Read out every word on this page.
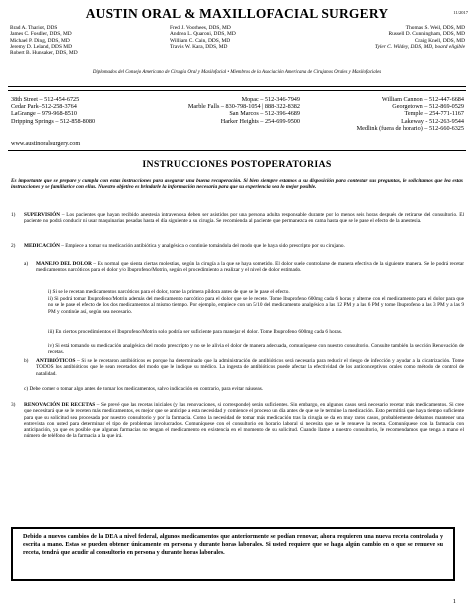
AUSTIN ORAL & MAXILLOFACIAL SURGERY	11/2017
Brad A. Thariot, DDS
James C. Fosdler, DDS, MD
Michael P. Ding, DDS, MD
Jeremy D. Leland, DDS MD
Robert B. Hunsaker, DDS, MD
Fred J. Voorhees, DDS, MD
Andrea L. Quaroni, DDS, MD
William C. Cain, DDS, MD
Travis W. Kara, DDS, MD
Thomas S. Weil, DDS, MD
Russell D. Cunningham, DDS, MD
Craig Knell, DDS, MD
Tyler C. Wildey, DDS, MD, board eligible
Diplomados del Consejo Americano de Cirugía Oral y Maxilofacial • Miembros de la Asociación Americana de Cirujanos Orales y Maxilofaciales
38th Street – 512-454-6725
Cedar Park–512-258-3764
LaGrange – 979-968-8510
Dripping Springs – 512-858-8080
Mopac – 512-346-7949
Marble Falls – 830-798-1054 | 888-322-8382
San Marcos – 512-396-4689
Harker Heights – 254-699-9500
William Cannon – 512-447-6684
Georgetown – 512-869-0529
Temple – 254-771-1167
Lakeway - 512-263-9544
Medlink (fuera de horario) – 512-660-6325
www.austinoralsurgery.com
INSTRUCCIONES POSTOPERATORIAS
Es importante que se prepare y cumpla con estas instrucciones para asegurar una buena recuperación. Si bien siempre estamos a su disposición para contestar sus preguntas, le solicitamos que lea estas instrucciones y se familiarice con ellas. Nuestro objetivo es brindarle la información necesaria para que su experiencia sea lo mejor posible.
1) SUPERVISIÓN – Los pacientes que hayan recibido anestesia intravenosa deben ser asistidos por una persona adulta responsable durante por lo menos seis horas después de retirarse del consultorio. El paciente no podrá conducir ni usar maquinarias pesadas hasta el día siguiente a su cirugía. Se recomienda al paciente que permanezca en cama hasta que se le pase el efecto de la anestesia.
2) MEDICACIÓN – Empiece a tomar su medicación antibiótica y analgésica o continúe tomándola del modo que le haya sido prescripto por su cirujano.
a) MANEJO DEL DOLOR – Es normal que sienta ciertas molestias, según la cirugía a la que se haya sometido. El dolor suele controlarse de manera efectiva de la siguiente manera. Se le podrá recetar medicamentos narcóticos para el dolor y/o Ibuprofeno/Motrin, según el procedimiento a realizar y el nivel de dolor estimado.
i) Si se le recetan medicamentos narcóticos para el dolor, tome la primera píldora antes de que se le pase el efecto.
ii) Si podrá tomar Ibuprofeno/Motrin además del medicamento narcótico para el dolor que se le recete. Tome Ibuprofeno 600mg cada 6 horas y alterne con el medicamento para el dolor para que no se le pase el efecto de los dos medicamentos al mismo tiempo. Por ejemplo, empiece con un 5/10 del medicamento analgésico a las 12 PM y a las 6 PM y tome Ibuprofeno a las 3 PM y a las 9 PM y continúe así, según sea necesario.
iii) En ciertos procedimientos el Ibuprofeno/Motrin solo podría ser suficiente para manejar el dolor. Tome Ibuprofeno 600mg cada 6 horas.
iv) Si está tomando su medicación analgésica del modo prescripto y no se le alivia el dolor de manera adecuada, comuníquese con nuestro consultorio. Consulte también la sección Renovación de recetas.
b) ANTIBIÓTICOS – Si se le recetaron antibióticos es porque ha determinado que la administración de antibióticos será necesaria para reducir el riesgo de infección y ayudar a la cicatrización. Tome TODOS los antibióticos que le sean recetados del modo que le indique su médico. La ingesta de antibióticos puede afectar la efectividad de los anticonceptivos orales como método de control de natalidad.
c) Debe comer o tomar algo antes de tomar los medicamentos, salvo indicación en contrario, para evitar náuseas.
3) RENOVACIÓN DE RECETAS – Se prevé que las recetas iniciales (y las renovaciones, si corresponde) serán suficientes. Sin embargo, en algunos casos será necesario recetar más medicamentos. Si cree que necesitará que se le receten más medicamentos, es mejor que se anticipe a esta necesidad y comience el proceso un día antes de que se le termine la medicación. Esto permitirá que haya tiempo suficiente para que su solicitud sea procesada por nuestro consultorio y por la farmacia. Como la necesidad de tomar más medicación tras la cirugía se da en muy raros casos, probablemente debamos mantener una entrevista con usted para determinar el tipo de problemas involucrados. Comuníquese con el consultorio en horario laboral si necesita que se le renueve la receta. Comuníquese con la farmacia con anticipación, ya que es posible que algunas farmacias no tengan el medicamento en existencia en el momento de su solicitud. Cuando llame a nuestro consultorio, le recomendamos que tenga a mano el número de teléfono de la farmacia a la que irá.
Debido a nuevos cambios de la DEA a nivel federal, algunos medicamentos que anteriormente se podían renovar, ahora requieren una nueva receta controlada y escrita a mano. Estas se pueden obtener únicamente en persona y durante horas laborales. Si usted requiere que se haga algún cambio en o que se renueve su receta, tendrá que acudir al consultorio en persona y durante horas laborales.
1
